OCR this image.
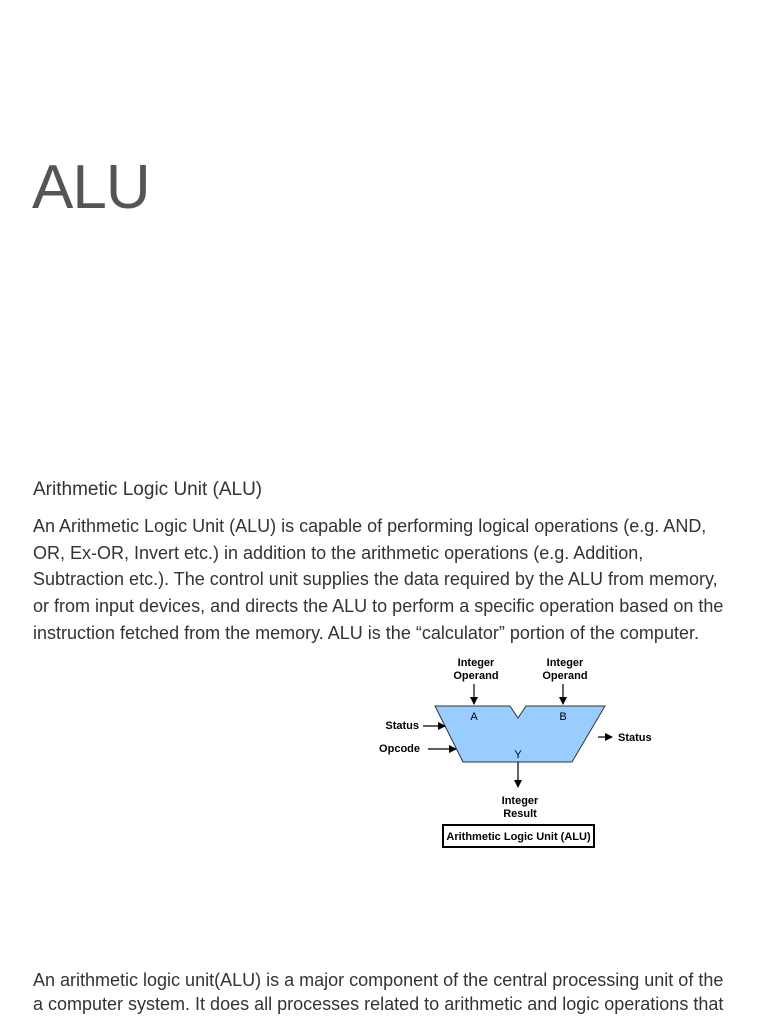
ALU
Arithmetic Logic Unit (ALU)

An Arithmetic Logic Unit (ALU) is capable of performing logical operations (e.g. AND, OR, Ex-OR, Invert etc.) in addition to the arithmetic operations (e.g. Addition, Subtraction etc.). The control unit supplies the data required by the ALU from memory, or from input devices, and directs the ALU to perform a specific operation based on the instruction fetched from the memory. ALU is the “calculator” portion of the computer.

Integer
Operand
Integer
Operand
A	B
Y
Status
Opcode
Status
Integer
Result
Arithmetic Logic Unit (ALU)

An arithmetic logic unit(ALU) is a major component of the central processing unit of the a computer system. It does all processes related to arithmetic and logic operations that
